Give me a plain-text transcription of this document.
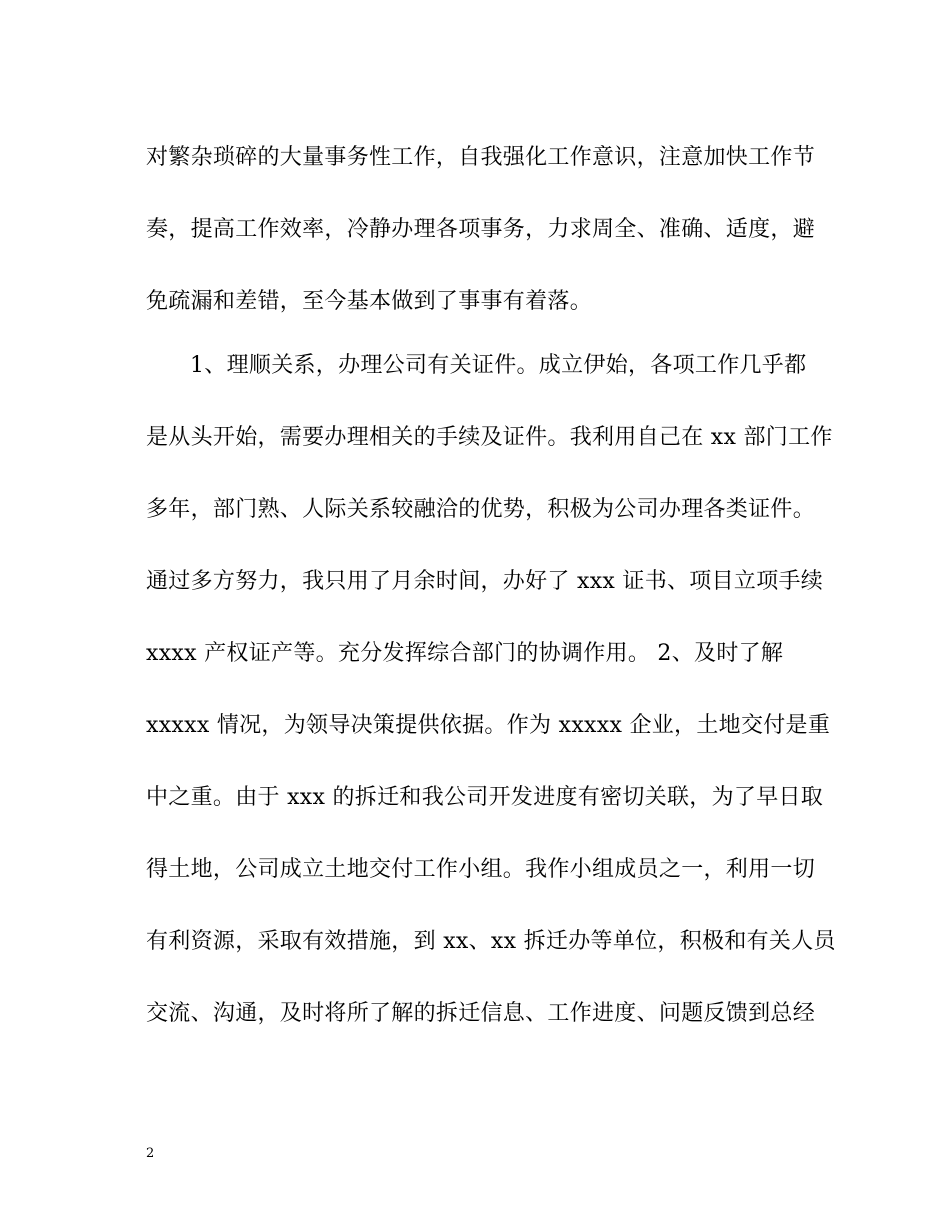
对繁杂琐碎的大量事务性工作，自我强化工作意识，注意加快工作节
奏，提高工作效率，冷静办理各项事务，力求周全、准确、适度，避
免疏漏和差错，至今基本做到了事事有着落。
1、理顺关系，办理公司有关证件。成立伊始，各项工作几乎都
是从头开始，需要办理相关的手续及证件。我利用自己在 xx 部门工作
多年，部门熟、人际关系较融洽的优势，积极为公司办理各类证件。
通过多方努力，我只用了月余时间，办好了 xxx 证书、项目立项手续
xxxx 产权证产等。充分发挥综合部门的协调作用。 2、及时了解
xxxxx 情况，为领导决策提供依据。作为 xxxxx 企业，土地交付是重
中之重。由于 xxx 的拆迁和我公司开发进度有密切关联，为了早日取
得土地，公司成立土地交付工作小组。我作小组成员之一，利用一切
有利资源，采取有效措施，到 xx、xx 拆迁办等单位，积极和有关人员
交流、沟通，及时将所了解的拆迁信息、工作进度、问题反馈到总经
2
